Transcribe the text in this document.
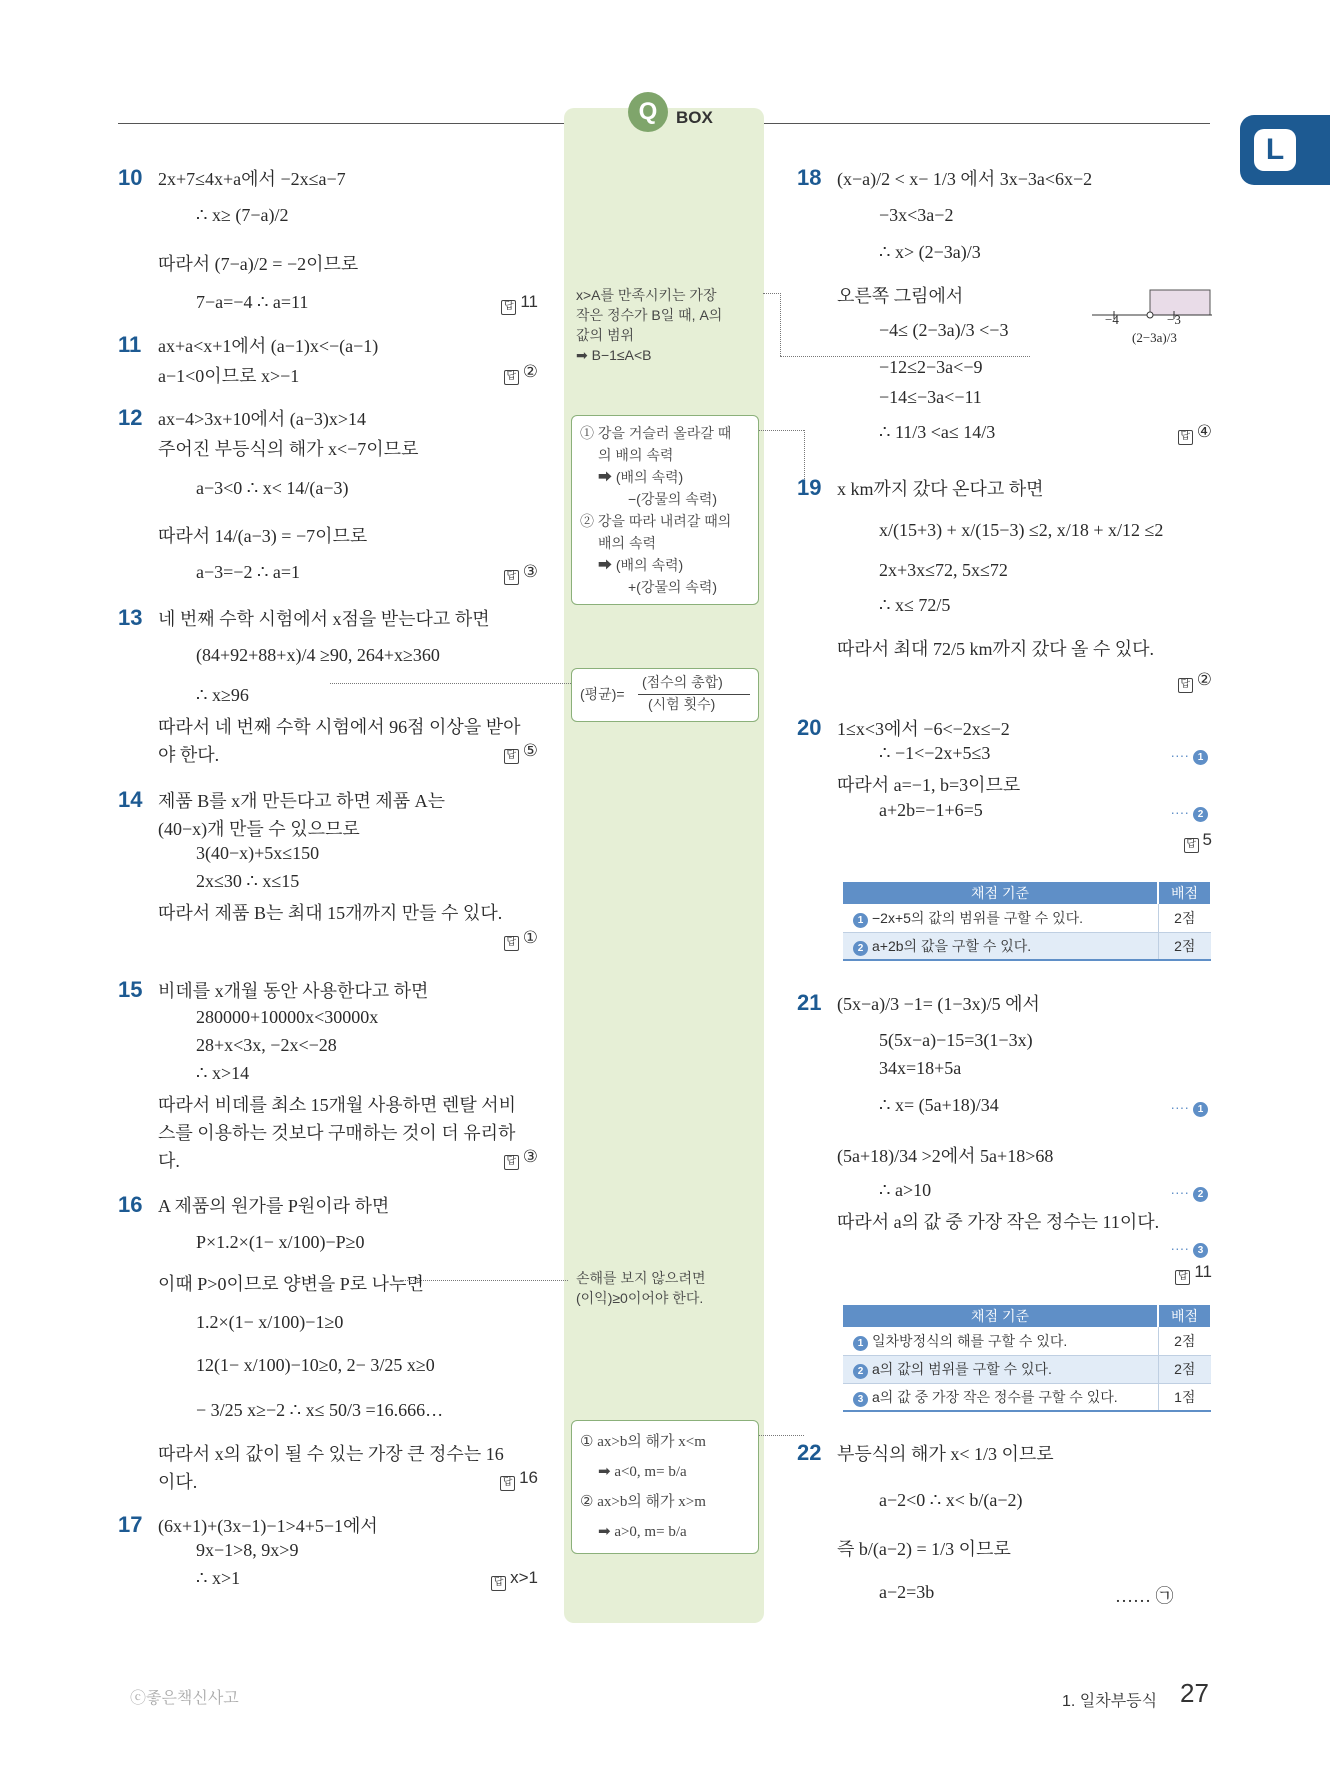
Q	BOX
L
10 2x+7≤4x+a에서 −2x≤a−7
∴ x≥ (7−a)/2
따라서 (7−a)/2 = −2이므로
7−a=−4 ∴ a=11	답 11
11 ax+a<x+1에서 (a−1)x<−(a−1)
a−1<0이므로 x>−1	답 ②
12 ax−4>3x+10에서 (a−3)x>14
주어진 부등식의 해가 x<−7이므로
a−3<0 ∴ x< 14/(a−3)
따라서 14/(a−3) = −7이므로
a−3=−2 ∴ a=1	답 ③
13 네 번째 수학 시험에서 x점을 받는다고 하면
(84+92+88+x)/4 ≥90, 264+x≥360
∴ x≥96
따라서 네 번째 수학 시험에서 96점 이상을 받아
야 한다.	답 ⑤
14 제품 B를 x개 만든다고 하면 제품 A는
(40−x)개 만들 수 있으므로
3(40−x)+5x≤150
2x≤30 ∴ x≤15
따라서 제품 B는 최대 15개까지 만들 수 있다.
답 ①
15 비데를 x개월 동안 사용한다고 하면
280000+10000x<30000x
28+x<3x, −2x<−28
∴ x>14
따라서 비데를 최소 15개월 사용하면 렌탈 서비
스를 이용하는 것보다 구매하는 것이 더 유리하
다.	답 ③
16 A 제품의 원가를 P원이라 하면
P×1.2×(1− x/100)−P≥0
이때 P>0이므로 양변을 P로 나누면
1.2×(1− x/100)−1≥0
12(1− x/100)−10≥0, 2− 3/25 x≥0
− 3/25 x≥−2 ∴ x≤ 50/3 =16.666…
따라서 x의 값이 될 수 있는 가장 큰 정수는 16
이다.	답 16
17 (6x+1)+(3x−1)−1>4+5−1에서
9x−1>8, 9x>9
∴ x>1	답 x>1
x>A를 만족시키는 가장
작은 정수가 B일 때, A의
값의 범위
➡ B−1≤A<B
① 강을 거슬러 올라갈 때
의 배의 속력
➡ (배의 속력)
−(강물의 속력)
② 강을 따라 내려갈 때의
배의 속력
➡ (배의 속력)
+(강물의 속력)
(평균)=
(점수의 총합)
(시험 횟수)
손해를 보지 않으려면
(이익)≥0이어야 한다.
① ax>b의 해가 x<m
➡ a<0, m= b/a
② ax>b의 해가 x>m
➡ a>0, m= b/a
18 (x−a)/2 < x− 1/3 에서 3x−3a<6x−2
−3x<3a−2
∴ x> (2−3a)/3
오른쪽 그림에서
−4≤ (2−3a)/3 <−3
−12≤2−3a<−9
−14≤−3a<−11
∴ 11/3 <a≤ 14/3	답 ④
−4	−3
(2−3a)/3
19 x km까지 갔다 온다고 하면
x/(15+3) + x/(15−3) ≤2, x/18 + x/12 ≤2
2x+3x≤72, 5x≤72
∴ x≤ 72/5
따라서 최대 72/5 km까지 갔다 올 수 있다.
답 ②
20 1≤x<3에서 −6<−2x≤−2
∴ −1<−2x+5≤3	···· 1
따라서 a=−1, b=3이므로
a+2b=−1+6=5	···· 2
답 5
채점 기준	배점
1 −2x+5의 값의 범위를 구할 수 있다.	2점
2 a+2b의 값을 구할 수 있다.	2점
21 (5x−a)/3 −1= (1−3x)/5 에서
5(5x−a)−15=3(1−3x)
34x=18+5a
∴ x= (5a+18)/34	···· 1
(5a+18)/34 >2에서 5a+18>68
∴ a>10	···· 2
따라서 a의 값 중 가장 작은 정수는 11이다.
···· 3
답 11
채점 기준	배점
1 일차방정식의 해를 구할 수 있다.	2점
2 a의 값의 범위를 구할 수 있다.	2점
3 a의 값 중 가장 작은 정수를 구할 수 있다.	1점
22 부등식의 해가 x< 1/3 이므로
a−2<0 ∴ x< b/(a−2)
즉 b/(a−2) = 1/3 이므로
a−2=3b	…… ㉠
ⓒ좋은책신사고	1. 일차부등식 27
